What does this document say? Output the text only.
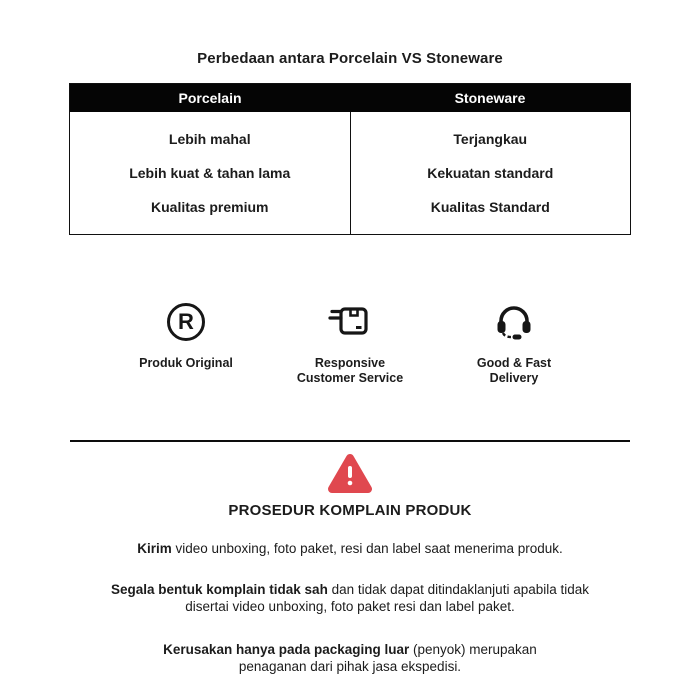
Perbedaan antara Porcelain VS Stoneware
Porcelain	Stoneware
Lebih mahal
Lebih kuat & tahan lama
Kualitas premium
Terjangkau
Kekuatan standard
Kualitas Standard
R
Produk Original	Responsive
Customer Service
Good & Fast
Delivery
PROSEDUR KOMPLAIN PRODUK
Kirim video unboxing, foto paket, resi dan label saat menerima produk.
Segala bentuk komplain tidak sah dan tidak dapat ditindaklanjuti apabila tidak disertai video unboxing, foto paket resi dan label paket.
Kerusakan hanya pada packaging luar (penyok) merupakan penaganan dari pihak jasa ekspedisi.
